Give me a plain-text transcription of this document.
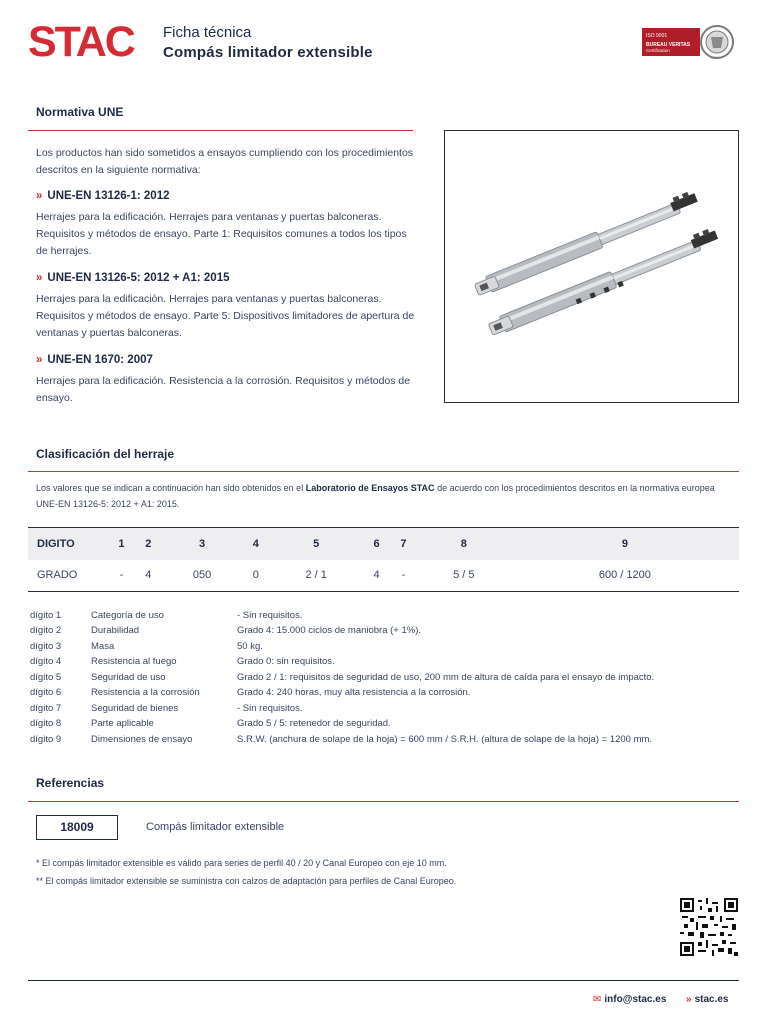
STAC Ficha técnica
Compás limitador extensible
ISO 9001
BUREAU VERITAS
Certification
1828
Normativa UNE
Los productos han sido sometidos a ensayos cumpliendo con los procedimientos descritos en la siguiente normativa:
» UNE-EN 13126-1: 2012
Herrajes para la edificación. Herrajes para ventanas y puertas balconeras. Requisitos y métodos de ensayo. Parte 1: Requisitos comunes a todos los tipos de herrajes.
» UNE-EN 13126-5: 2012 + A1: 2015
Herrajes para la edificación. Herrajes para ventanas y puertas balconeras. Requisitos y métodos de ensayo. Parte 5: Dispositivos limitadores de apertura de ventanas y puertas balconeras.
» UNE-EN 1670: 2007
Herrajes para la edificación. Resistencia a la corrosión. Requisitos y métodos de ensayo.
Clasificación del herraje
Los valores que se indican a continuación han sido obtenidos en el Laboratorio de Ensayos STAC de acuerdo con los procedimientos descritos en la normativa europea UNE-EN 13126-5: 2012 + A1: 2015.
DIGITO	1	2	3	4	5	6	7	8	9
GRADO	-	4	050	0	2 / 1	4	-	5 / 5	600 / 1200
dígito 1	Categoría de uso	- Sin requisitos.
dígito 2	Durabilidad	Grado 4: 15.000 ciclos de maniobra (+ 1%).
dígito 3	Masa	50 kg.
dígito 4	Resistencia al fuego	Grado 0: sin requisitos.
dígito 5	Seguridad de uso	Grado 2 / 1: requisitos de seguridad de uso, 200 mm de altura de caída para el ensayo de impacto.
dígito 6	Resistencia a la corrosión	Grado 4: 240 horas, muy alta resistencia a la corrosión.
dígito 7	Seguridad de bienes	- Sin requisitos.
dígito 8	Parte aplicable	Grado 5 / 5: retenedor de seguridad.
dígito 9	Dimensiones de ensayo	S.R.W. (anchura de solape de la hoja) = 600 mm / S.R.H. (altura de solape de la hoja) = 1200 mm.
Referencias
18009	Compás limitador extensible
* El compás limitador extensible es válido para series de perfil 40 / 20 y Canal Europeo con eje 10 mm.
** El compás limitador extensible se suministra con calzos de adaptación para perfiles de Canal Europeo.
✉ info@stac.es » stac.es
